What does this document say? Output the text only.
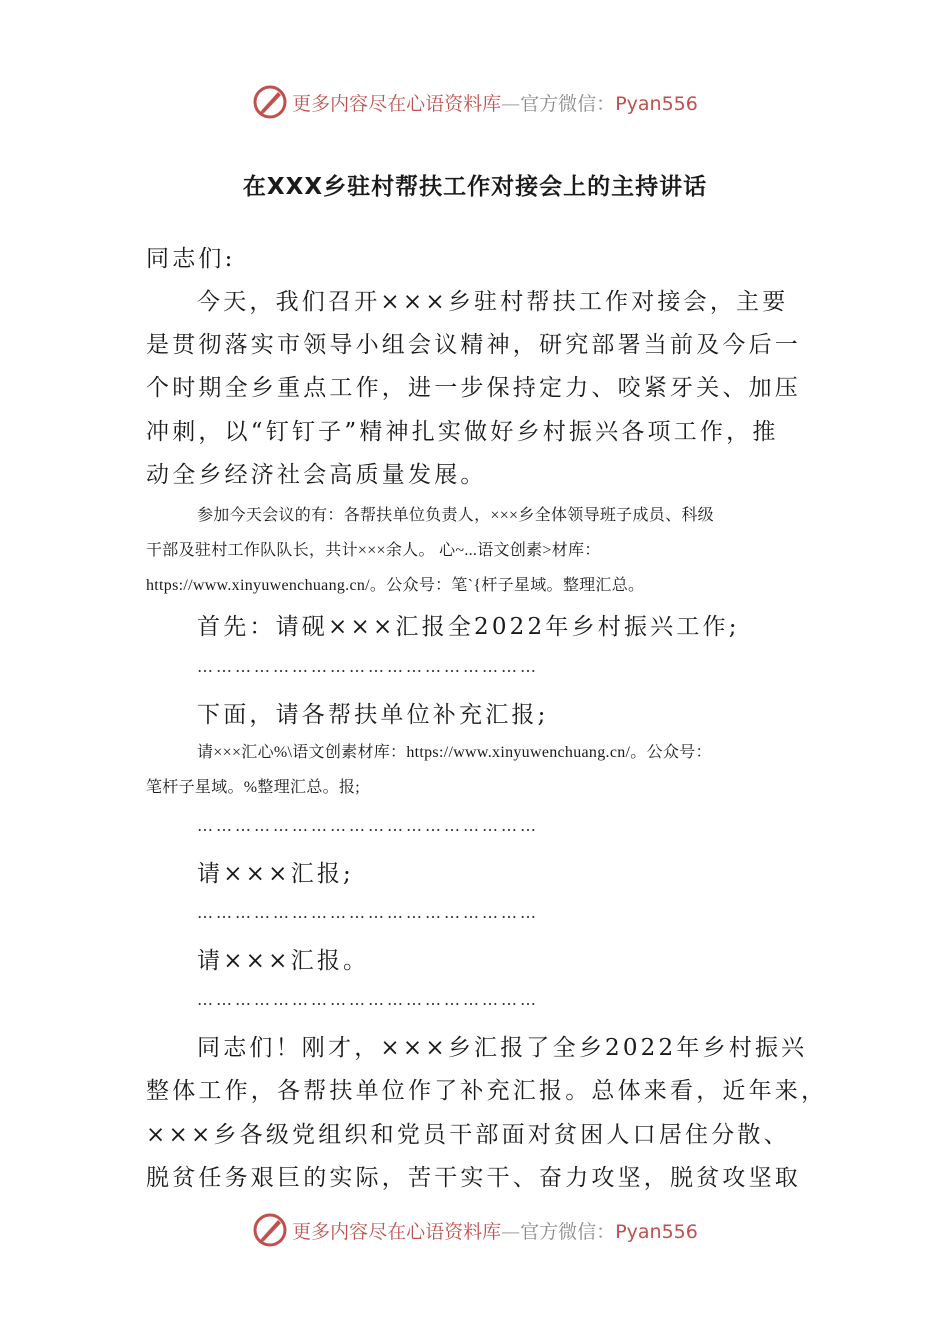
更多内容尽在心语资料库—官方微信：Pyan556
在XXX乡驻村帮扶工作对接会上的主持讲话

同志们:

今天，我们召开×××乡驻村帮扶工作对接会，主要

是贯彻落实市领导小组会议精神，研究部署当前及今后一

个时期全乡重点工作，进一步保持定力、咬紧牙关、加压

冲刺，以“钉钉子”精神扎实做好乡村振兴各项工作，推

动全乡经济社会高质量发展。

参加今天会议的有：各帮扶单位负责人，×××乡全体领导班子成员、科级

干部及驻村工作队队长，共计×××余人。 心~...语文创素>材库：

https://www.xinyuwenchuang.cn/。公众号：笔`{杆子星域。整理汇总。

首先：请砚×××汇报全2022年乡村振兴工作;

………………………………………………

下面，请各帮扶单位补充汇报;

请×××汇心%\语文创素材库：https://www.xinyuwenchuang.cn/。公众号：

笔杆子星域。%整理汇总。报;

………………………………………………

请×××汇报;

………………………………………………

请×××汇报。

………………………………………………

同志们！刚才，×××乡汇报了全乡2022年乡村振兴

整体工作，各帮扶单位作了补充汇报。总体来看，近年来，

×××乡各级党组织和党员干部面对贫困人口居住分散、

脱贫任务艰巨的实际，苦干实干、奋力攻坚，脱贫攻坚取

更多内容尽在心语资料库—官方微信：Pyan556
